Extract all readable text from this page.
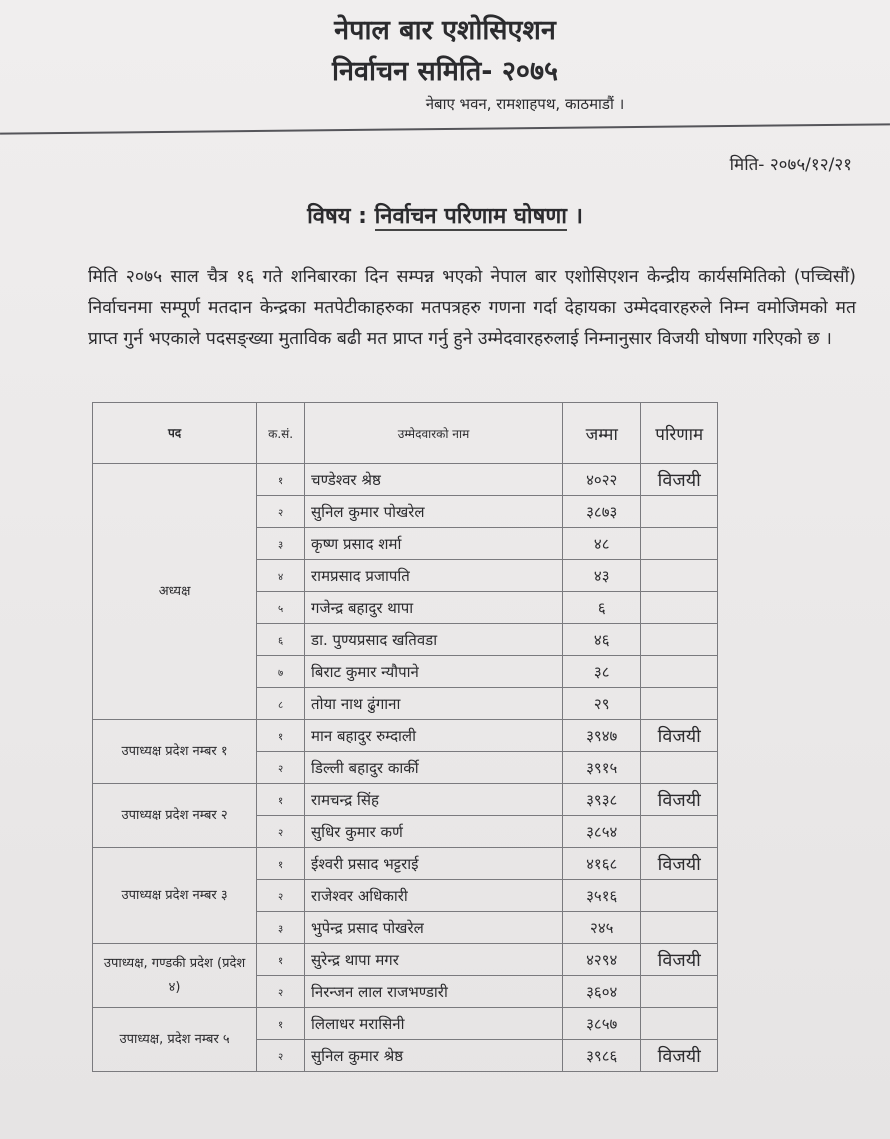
नेपाल बार एशोसिएशन
निर्वाचन समिति- २०७५
नेबाए भवन, रामशाहपथ, काठमाडौं ।
मिति- २०७५/१२/२१
विषय : निर्वाचन परिणाम घोषणा ।
मिति २०७५ साल चैत्र १६ गते शनिबारका दिन सम्पन्न भएको नेपाल बार एशोसिएशन केन्द्रीय कार्यसमितिको (पच्चिसौं) निर्वाचनमा सम्पूर्ण मतदान केन्द्रका मतपेटीकाहरुका मतपत्रहरु गणना गर्दा देहायका उम्मेदवारहरुले निम्न वमोजिमको मत प्राप्त गुर्न भएकाले पदसङ्ख्या मुताविक बढी मत प्राप्त गर्नु हुने उम्मेदवारहरुलाई निम्नानुसार विजयी घोषणा गरिएको छ ।
पद	क.सं.	उम्मेदवारको नाम	जम्मा	परिणाम
अध्यक्ष	१	चण्डेश्वर श्रेष्ठ	४०२२	विजयी
	२	सुनिल कुमार पोखरेल	३८७३	
	३	कृष्ण प्रसाद शर्मा	४८	
	४	रामप्रसाद प्रजापति	४३	
	५	गजेन्द्र बहादुर थापा	६	
	६	डा. पुण्यप्रसाद खतिवडा	४६	
	७	बिराट कुमार न्यौपाने	३८	
	८	तोया नाथ ढुंगाना	२९	
उपाध्यक्ष प्रदेश नम्बर १	१	मान बहादुर रुम्दाली	३९४७	विजयी
	२	डिल्ली बहादुर कार्की	३९१५	
उपाध्यक्ष प्रदेश नम्बर २	१	रामचन्द्र सिंह	३९३८	विजयी
	२	सुधिर कुमार कर्ण	३८५४	
उपाध्यक्ष प्रदेश नम्बर ३	१	ईश्वरी प्रसाद भट्टराई	४१६८	विजयी
	२	राजेश्वर अधिकारी	३५१६	
	३	भुपेन्द्र प्रसाद पोखरेल	२४५	
उपाध्यक्ष, गण्डकी प्रदेश (प्रदेश ४)	१	सुरेन्द्र थापा मगर	४२९४	विजयी
	२	निरन्जन लाल राजभण्डारी	३६०४	
उपाध्यक्ष, प्रदेश नम्बर ५	१	लिलाधर मरासिनी	३८५७	
	२	सुनिल कुमार श्रेष्ठ	३९८६	विजयी
